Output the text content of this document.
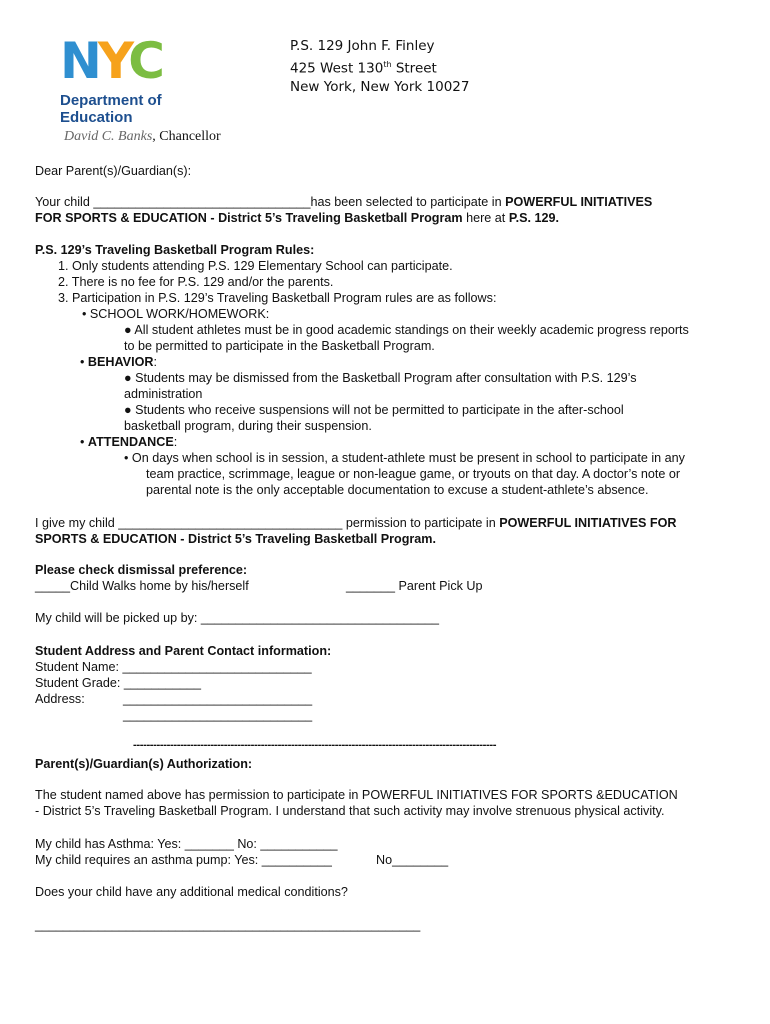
NYC
Department of
Education
David C. Banks, Chancellor
P.S. 129 John F. Finley
425 West 130th Street
New York, New York 10027
Dear Parent(s)/Guardian(s):
Your child _______________________________has been selected to participate in POWERFUL INITIATIVES
FOR SPORTS & EDUCATION - District 5’s Traveling Basketball Program here at P.S. 129.
P.S. 129’s Traveling Basketball Program Rules:
1. Only students attending P.S. 129 Elementary School can participate.
2. There is no fee for P.S. 129 and/or the parents.
3. Participation in P.S. 129’s Traveling Basketball Program rules are as follows:
• SCHOOL WORK/HOMEWORK:
● All student athletes must be in good academic standings on their weekly academic progress reports
to be permitted to participate in the Basketball Program.
• BEHAVIOR:
● Students may be dismissed from the Basketball Program after consultation with P.S. 129’s
administration
● Students who receive suspensions will not be permitted to participate in the after-school
basketball program, during their suspension.
• ATTENDANCE:
• On days when school is in session, a student-athlete must be present in school to participate in any
team practice, scrimmage, league or non-league game, or tryouts on that day. A doctor’s note or
parental note is the only acceptable documentation to excuse a student-athlete’s absence.
I give my child ________________________________ permission to participate in POWERFUL INITIATIVES FOR
SPORTS & EDUCATION - District 5’s Traveling Basketball Program.
Please check dismissal preference:
_____Child Walks home by his/herself	_______ Parent Pick Up
My child will be picked up by: __________________________________
Student Address and Parent Contact information:
Student Name: ___________________________
Student Grade: ___________
Address:	___________________________
___________________________
------------------------------------------------------------------------------------------------------------
Parent(s)/Guardian(s) Authorization:
The student named above has permission to participate in POWERFUL INITIATIVES FOR SPORTS &EDUCATION
- District 5’s Traveling Basketball Program. I understand that such activity may involve strenuous physical activity.
My child has Asthma: Yes: _______ No: ___________
My child requires an asthma pump: Yes: __________	No________
Does your child have any additional medical conditions?
_______________________________________________________
